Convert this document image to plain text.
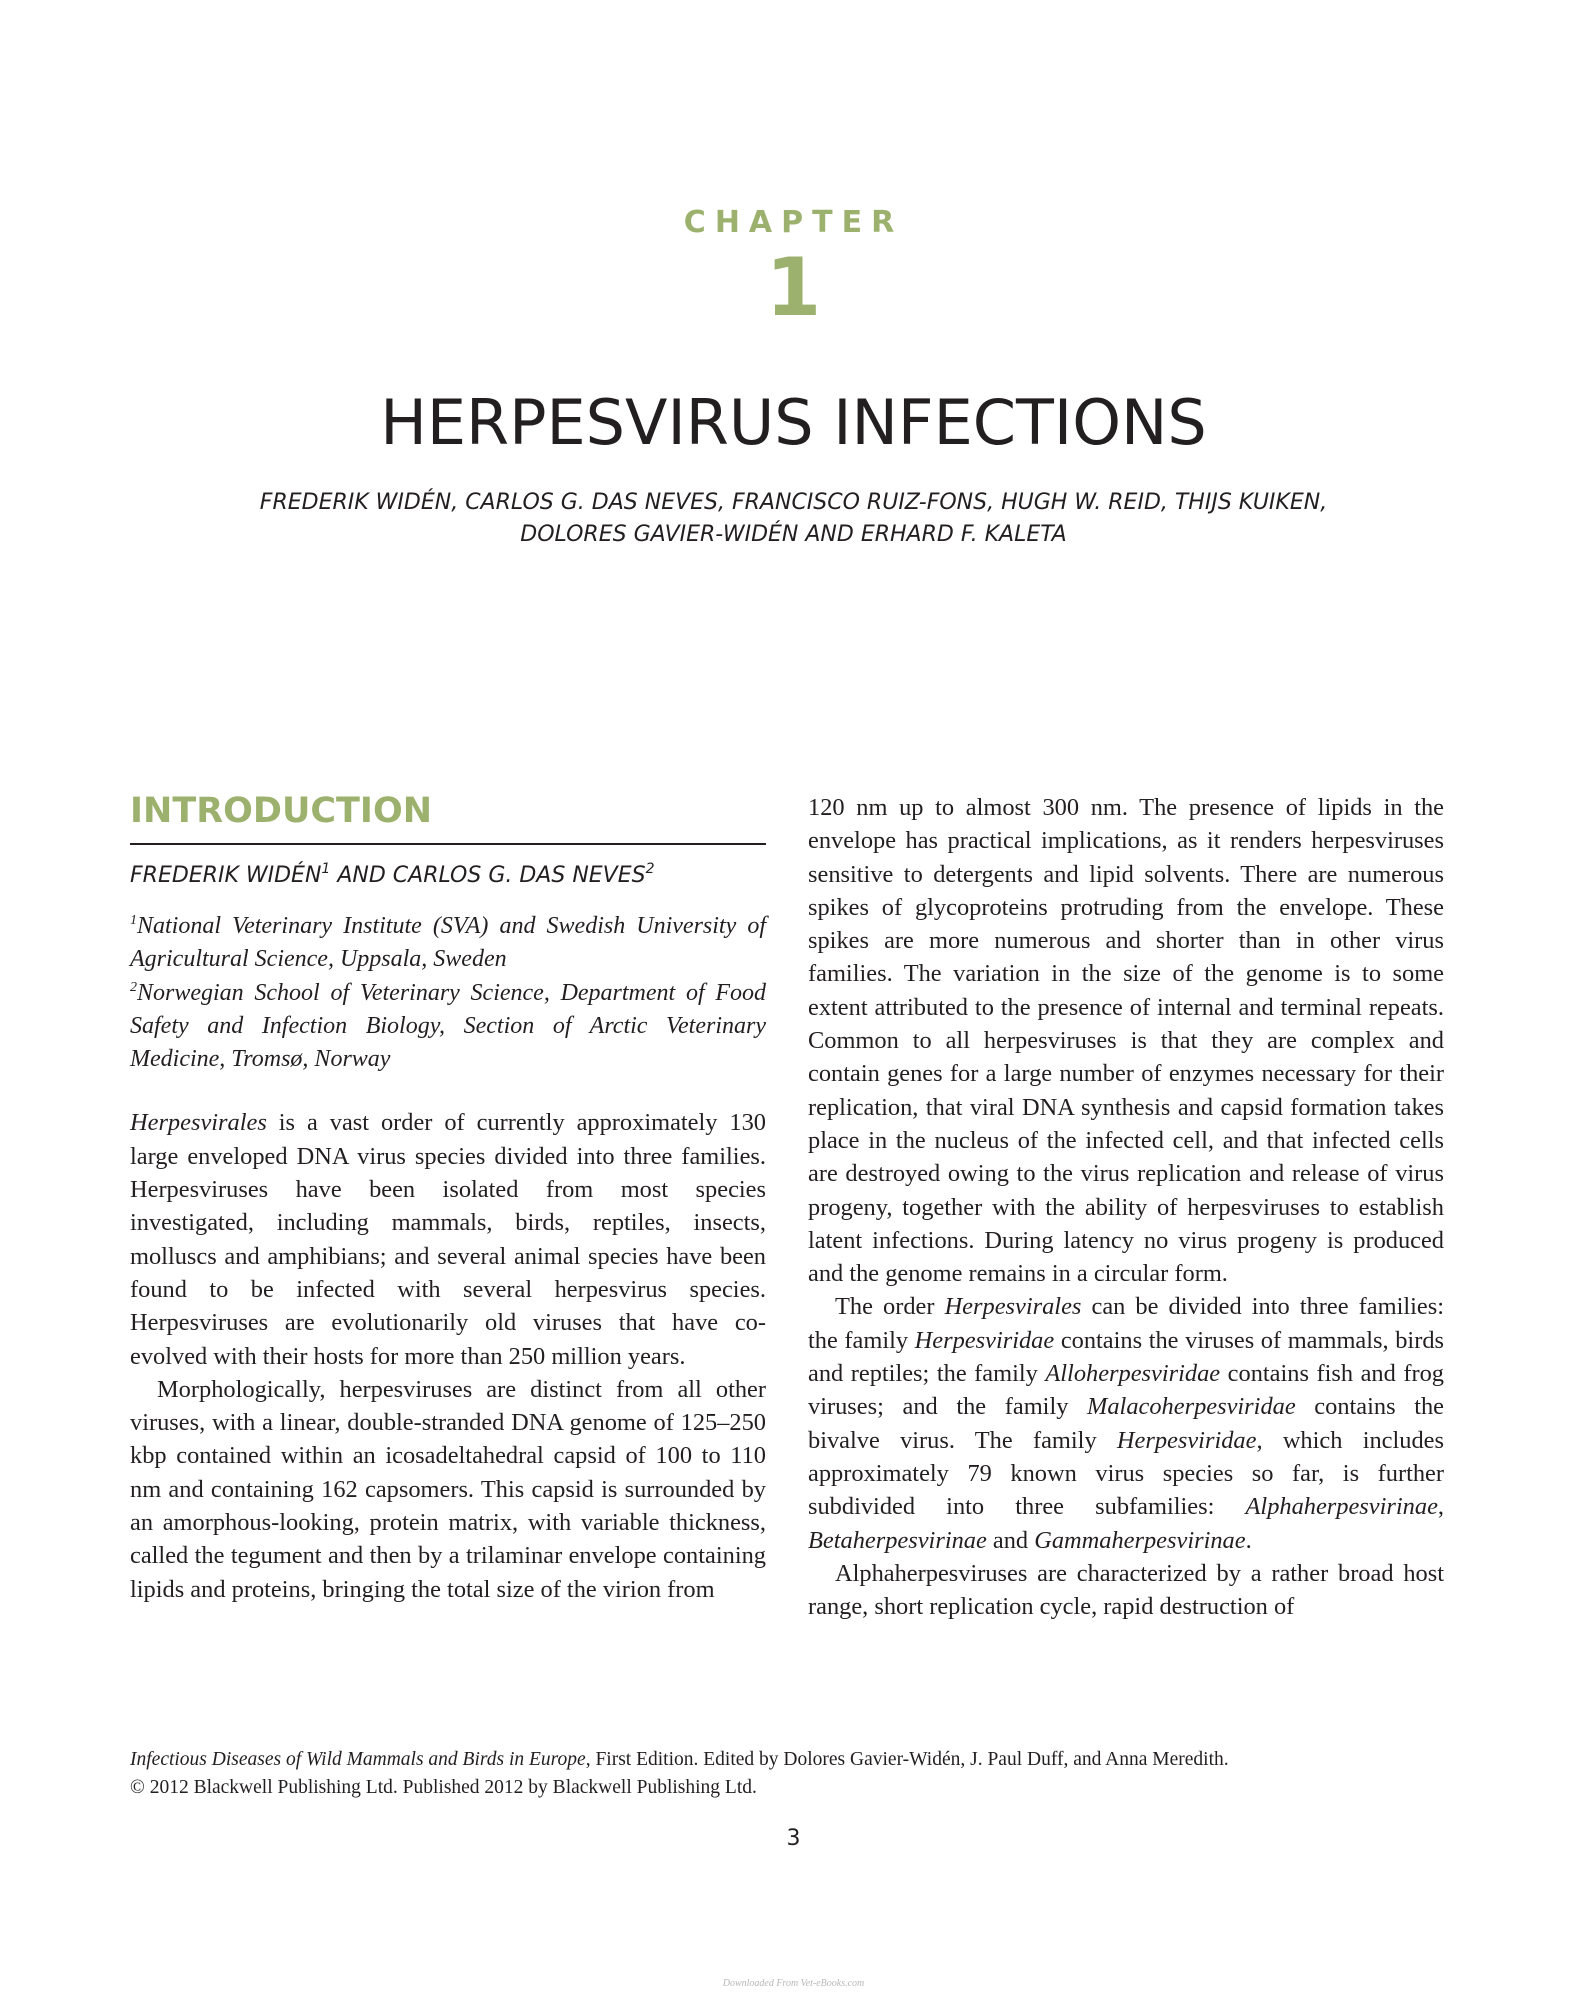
CHAPTER
1
HERPESVIRUS INFECTIONS
FREDERIK WIDÉN, CARLOS G. DAS NEVES, FRANCISCO RUIZ-FONS, HUGH W. REID, THIJS KUIKEN,
DOLORES GAVIER-WIDÉN AND ERHARD F. KALETA
INTRODUCTION
FREDERIK WIDÉN$^1$ AND CARLOS G. DAS NEVES$^2$

$^1$National Veterinary Institute (SVA) and Swedish University of Agricultural Science, Uppsala, Sweden

$^2$Norwegian School of Veterinary Science, Department of Food Safety and Infection Biology, Section of Arctic Veterinary Medicine, Tromsø, Norway

Herpesvirales is a vast order of currently approximately 130 large enveloped DNA virus species divided into three families. Herpesviruses have been isolated from most species investigated, including mammals, birds, reptiles, insects, molluscs and amphibians; and several animal species have been found to be infected with several herpesvirus species. Herpesviruses are evolutionarily old viruses that have co-evolved with their hosts for more than 250 million years.

Morphologically, herpesviruses are distinct from all other viruses, with a linear, double-stranded DNA genome of 125–250 kbp contained within an icosadeltahedral capsid of 100 to 110 nm and containing 162 capsomers. This capsid is surrounded by an amorphous-looking, protein matrix, with variable thickness, called the tegument and then by a trilaminar envelope containing lipids and proteins, bringing the total size of the virion from

120 nm up to almost 300 nm. The presence of lipids in the envelope has practical implications, as it renders herpesviruses sensitive to detergents and lipid solvents. There are numerous spikes of glycoproteins protruding from the envelope. These spikes are more numerous and shorter than in other virus families. The variation in the size of the genome is to some extent attributed to the presence of internal and terminal repeats. Common to all herpesviruses is that they are complex and contain genes for a large number of enzymes necessary for their replication, that viral DNA synthesis and capsid formation takes place in the nucleus of the infected cell, and that infected cells are destroyed owing to the virus replication and release of virus progeny, together with the ability of herpesviruses to establish latent infections. During latency no virus progeny is produced and the genome remains in a circular form.

The order Herpesvirales can be divided into three families: the family Herpesviridae contains the viruses of mammals, birds and reptiles; the family Alloherpesviridae contains fish and frog viruses; and the family Malacoherpesviridae contains the bivalve virus. The family Herpesviridae, which includes approximately 79 known virus species so far, is further subdivided into three subfamilies: Alphaherpesvirinae, Betaherpesvirinae and Gammaherpesvirinae.

Alphaherpesviruses are characterized by a rather broad host range, short replication cycle, rapid destruction of

Infectious Diseases of Wild Mammals and Birds in Europe, First Edition. Edited by Dolores Gavier-Widén, J. Paul Duff, and Anna Meredith.

© 2012 Blackwell Publishing Ltd. Published 2012 by Blackwell Publishing Ltd.

3
Downloaded From Vet-eBooks.com
